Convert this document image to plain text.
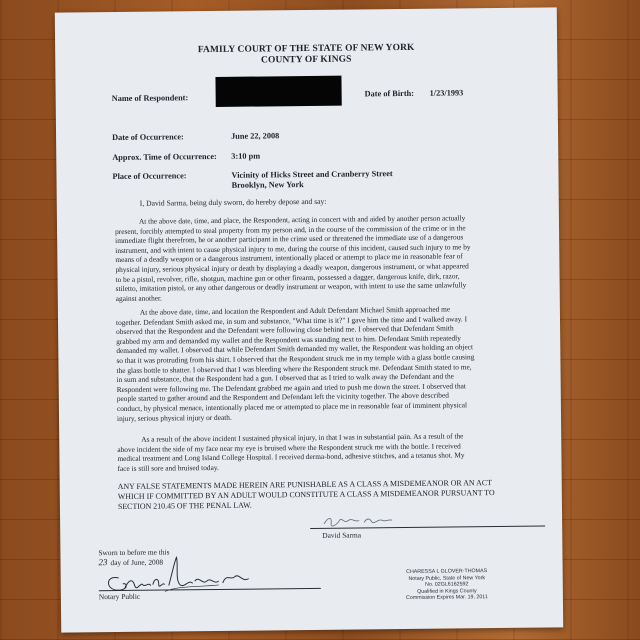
FAMILY COURT OF THE STATE OF NEW YORK
COUNTY OF KINGS
Name of Respondent:	Date of Birth: 1/23/1993
Date of Occurrence:	June 22, 2008
Approx. Time of Occurrence: 3:10 pm
Place of Occurrence:	Vicinity of Hicks Street and Cranberry Street
Brooklyn, New York
I, David Sarma, being duly sworn, do hereby depose and say:
At the above date, time, and place, the Respondent, acting in concert with and aided by another person actually
present, forcibly attempted to steal property from my person and, in the course of the commission of the crime or in the
immediate flight therefrom, he or another participant in the crime used or threatened the immediate use of a dangerous
instrument, and with intent to cause physical injury to me, during the course of this incident, caused such injury to me by
means of a deadly weapon or a dangerous instrument, intentionally placed or attempt to place me in reasonable fear of
physical injury, serious physical injury or death by displaying a deadly weapon, dangerous instrument, or what appeared
to be a pistol, revolver, rifle, shotgun, machine gun or other firearm, possessed a dagger, dangerous knife, dirk, razor,
stiletto, imitation pistol, or any other dangerous or deadly instrument or weapon, with intent to use the same unlawfully
against another.
At the above date, time, and location the Respondent and Adult Defendant Michael Smith approached me
together. Defendant Smith asked me, in sum and substance, "What time is it?" I gave him the time and I walked away. I
observed that the Respondent and the Defendant were following close behind me. I observed that Defendant Smith
grabbed my arm and demanded my wallet and the Respondent was standing next to him. Defendant Smith repeatedly
demanded my wallet. I observed that while Defendant Smith demanded my wallet, the Respondent was holding an object
so that it was protruding from his shirt. I observed that the Respondent struck me in my temple with a glass bottle causing
the glass bottle to shatter. I observed that I was bleeding where the Respondent struck me. Defendant Smith stated to me,
in sum and substance, that the Respondent had a gun. I observed that as I tried to walk away the Defendant and the
Respondent were following me. The Defendant grabbed me again and tried to push me down the street. I observed that
people started to gather around and the Respondent and Defendant left the vicinity together. The above described
conduct, by physical menace, intentionally placed me or attempted to place me in reasonable fear of imminent physical
injury, serious physical injury or death.
As a result of the above incident I sustained physical injury, in that I was in substantial pain. As a result of the
above incident the side of my face near my eye is bruised where the Respondent struck me with the bottle. I received
medical treatment and Long Island College Hospital. I received derma-bond, adhesive stitches, and a tetanus shot. My
face is still sore and bruised today.
ANY FALSE STATEMENTS MADE HEREIN ARE PUNISHABLE AS A CLASS A MISDEMEANOR OR AN ACT
WHICH IF COMMITTED BY AN ADULT WOULD CONSTITUTE A CLASS A MISDEMEANOR PURSUANT TO
SECTION 210.45 OF THE PENAL LAW.
David Sarma
Sworn to before me this
23 day of June, 2008
Notary Public
CHARESSA L GLOVER-THOMAS
Notary Public, State of New York
No. 02GL6162592
Qualified in Kings County
Commission Expires Mar. 19, 2011
